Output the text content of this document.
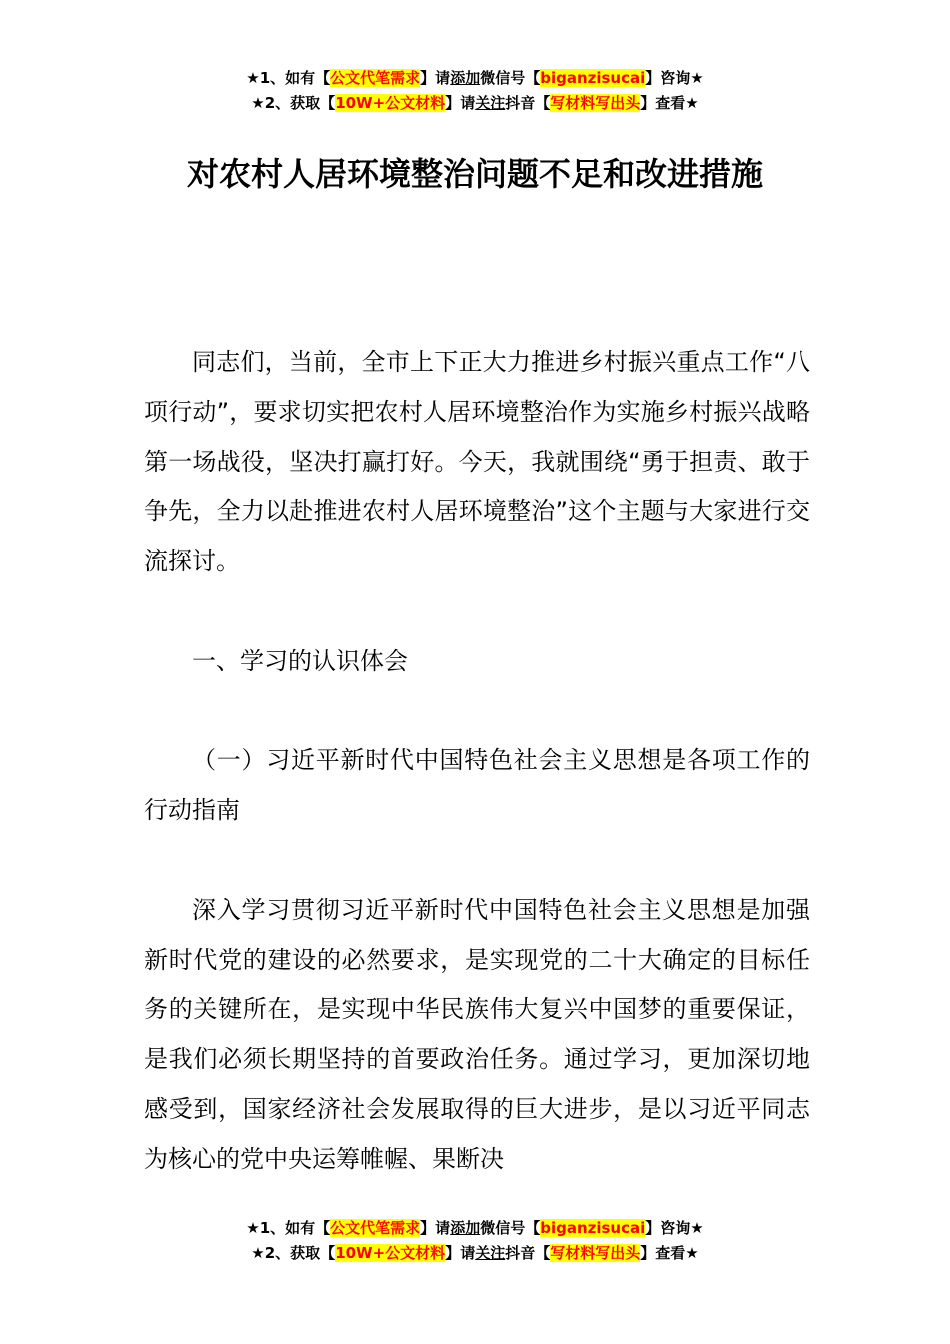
★1、如有【公文代笔需求】请添加微信号【biganzisucai】咨询★
★2、获取【10W+公文材料】请关注抖音【写材料写出头】查看★
对农村人居环境整治问题不足和改进措施

同志们，当前，全市上下正大力推进乡村振兴重点工作“八项行动”，要求切实把农村人居环境整治作为实施乡村振兴战略第一场战役，坚决打赢打好。今天，我就围绕“勇于担责、敢于争先，全力以赴推进农村人居环境整治”这个主题与大家进行交流探讨。

一、学习的认识体会

（一）习近平新时代中国特色社会主义思想是各项工作的行动指南

深入学习贯彻习近平新时代中国特色社会主义思想是加强新时代党的建设的必然要求，是实现党的二十大确定的目标任务的关键所在，是实现中华民族伟大复兴中国梦的重要保证，是我们必须长期坚持的首要政治任务。通过学习，更加深切地感受到，国家经济社会发展取得的巨大进步，是以习近平同志为核心的党中央运筹帷幄、果断决

★1、如有【公文代笔需求】请添加微信号【biganzisucai】咨询★
★2、获取【10W+公文材料】请关注抖音【写材料写出头】查看★
